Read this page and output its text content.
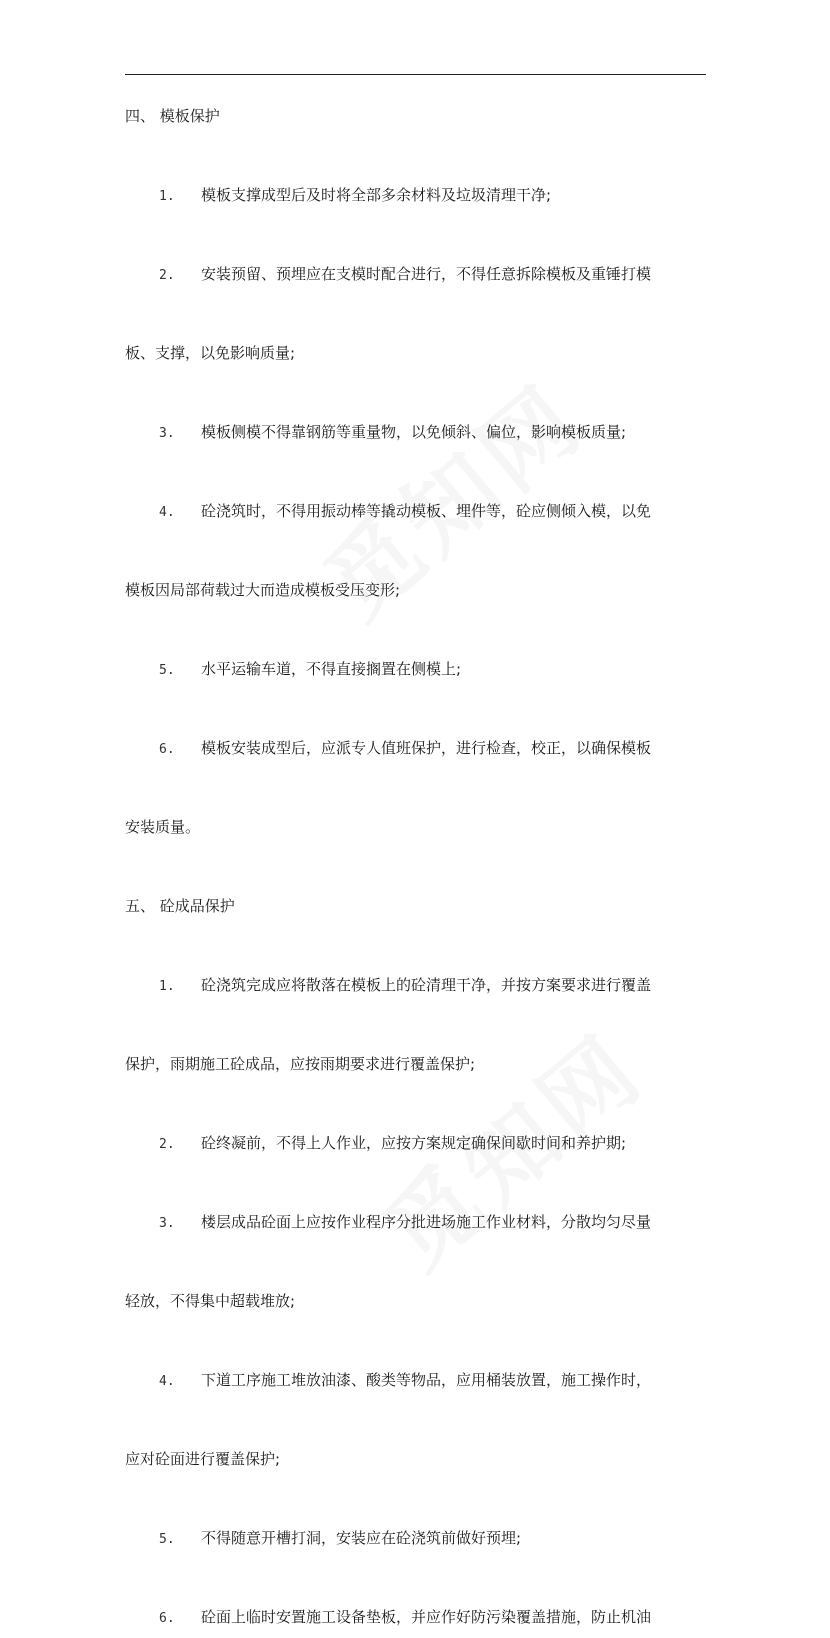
四、 模板保护
1. 模板支撑成型后及时将全部多余材料及垃圾清理干净;
2. 安装预留、预埋应在支模时配合进行，不得任意拆除模板及重锤打模
板、支撑，以免影响质量;
3. 模板侧模不得靠钢筋等重量物，以免倾斜、偏位，影响模板质量;
4. 砼浇筑时，不得用振动棒等撬动模板、埋件等，砼应侧倾入模，以免
模板因局部荷载过大而造成模板受压变形;
5. 水平运输车道，不得直接搁置在侧模上;
6. 模板安装成型后，应派专人值班保护，进行检查，校正，以确保模板
安装质量。
五、 砼成品保护
1. 砼浇筑完成应将散落在模板上的砼清理干净，并按方案要求进行覆盖
保护，雨期施工砼成品，应按雨期要求进行覆盖保护;
2. 砼终凝前，不得上人作业，应按方案规定确保间歇时间和养护期;
3. 楼层成品砼面上应按作业程序分批进场施工作业材料，分散均匀尽量
轻放，不得集中超载堆放;
4. 下道工序施工堆放油漆、酸类等物品，应用桶装放置，施工操作时，
应对砼面进行覆盖保护;
5. 不得随意开槽打洞，安装应在砼浇筑前做好预埋;
6. 砼面上临时安置施工设备垫板，并应作好防污染覆盖措施，防止机油
